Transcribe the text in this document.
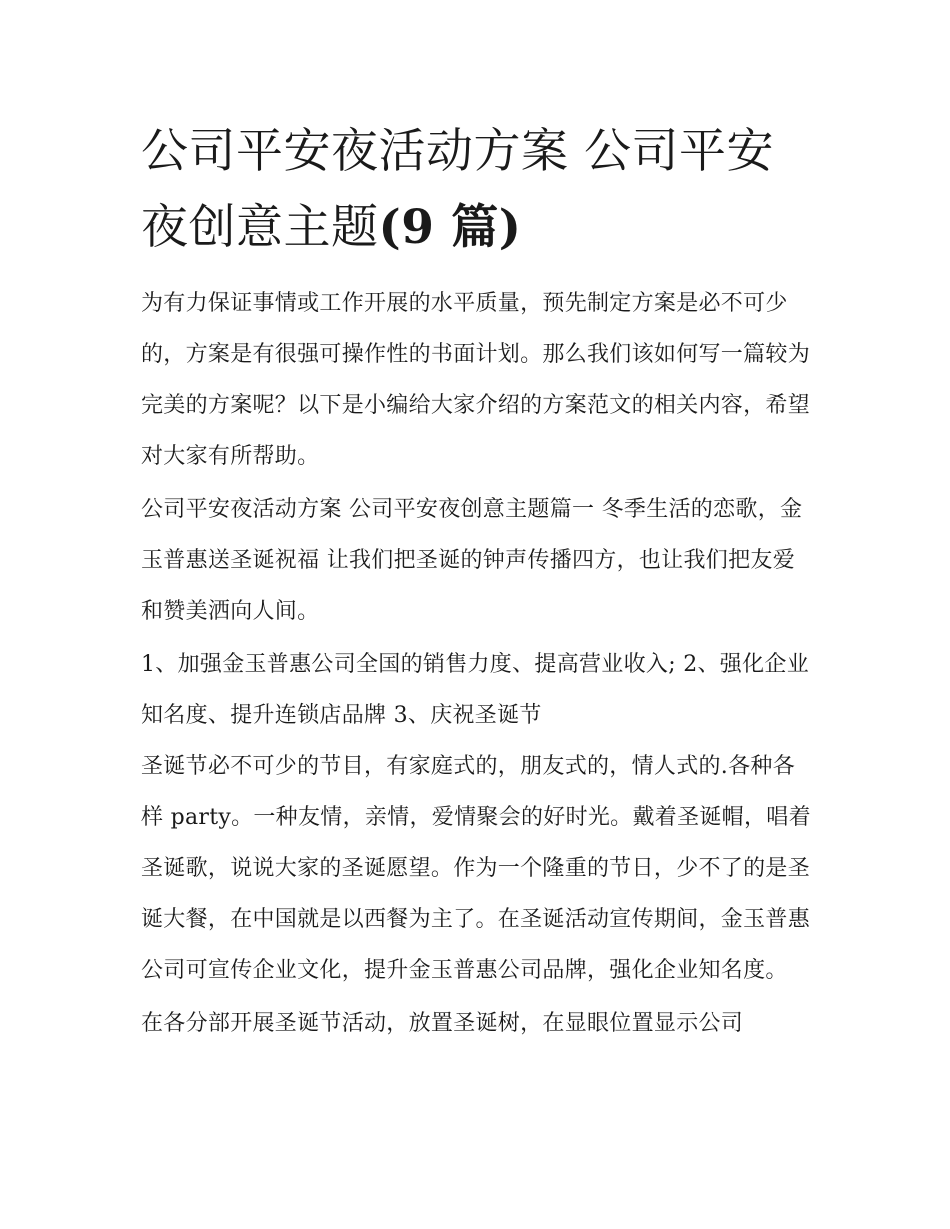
公司平安夜活动方案 公司平安夜创意主题(9 篇)

为有力保证事情或工作开展的水平质量，预先制定方案是必不可少的，方案是有很强可操作性的书面计划。那么我们该如何写一篇较为完美的方案呢？以下是小编给大家介绍的方案范文的相关内容，希望对大家有所帮助。

公司平安夜活动方案 公司平安夜创意主题篇一 冬季生活的恋歌，金玉普惠送圣诞祝福 让我们把圣诞的钟声传播四方，也让我们把友爱和赞美洒向人间。

1、加强金玉普惠公司全国的销售力度、提高营业收入; 2、强化企业知名度、提升连锁店品牌 3、庆祝圣诞节

圣诞节必不可少的节目，有家庭式的，朋友式的，情人式的.各种各样 party。一种友情，亲情，爱情聚会的好时光。戴着圣诞帽，唱着圣诞歌，说说大家的圣诞愿望。作为一个隆重的节日，少不了的是圣诞大餐，在中国就是以西餐为主了。在圣诞活动宣传期间，金玉普惠公司可宣传企业文化，提升金玉普惠公司品牌，强化企业知名度。

在各分部开展圣诞节活动，放置圣诞树，在显眼位置显示公司
